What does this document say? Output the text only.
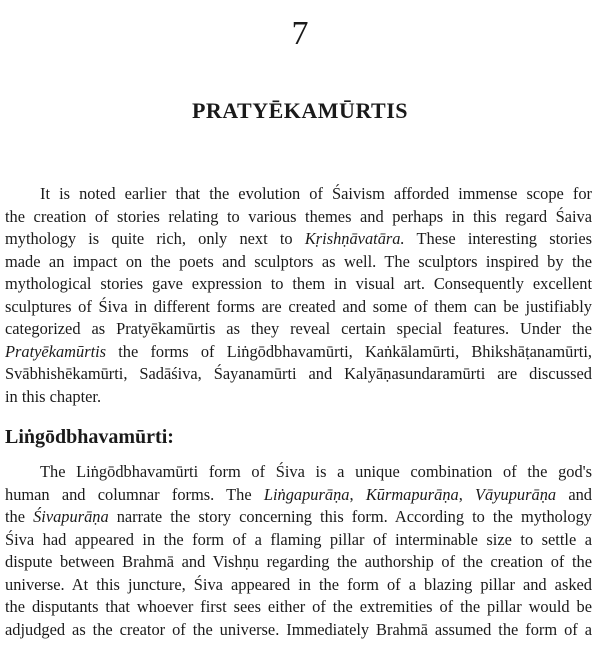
7
PRATYĒKAMŪRTIS
It is noted earlier that the evolution of Śaivism afforded immense scope for
the creation of stories relating to various themes and perhaps in this regard Śaiva
mythology is quite rich, only next to Kṛishṇāvatāra. These interesting stories
made an impact on the poets and sculptors as well. The sculptors inspired by the
mythological stories gave expression to them in visual art. Consequently excellent
sculptures of Śiva in different forms are created and some of them can be justifiably
categorized as Pratyēkamūrtis as they reveal certain special features. Under the
Pratyēkamūrtis the forms of Liṅgōdbhavamūrti, Kaṅkālamūrti, Bhikshāṭanamūrti,
Svābhishēkamūrti, Sadāśiva, Śayanamūrti and Kalyāṇasundaramūrti are discussed
in this chapter.
Liṅgōdbhavamūrti:
The Liṅgōdbhavamūrti form of Śiva is a unique combination of the god's
human and columnar forms. The Liṅgapurāṇa, Kūrmapurāṇa, Vāyupurāṇa and
the Śivapurāṇa narrate the story concerning this form. According to the mythology
Śiva had appeared in the form of a flaming pillar of interminable size to settle a
dispute between Brahmā and Vishṇu regarding the authorship of the creation of the
universe. At this juncture, Śiva appeared in the form of a blazing pillar and asked
the disputants that whoever first sees either of the extremities of the pillar would be
adjudged as the creator of the universe. Immediately Brahmā assumed the form of a
